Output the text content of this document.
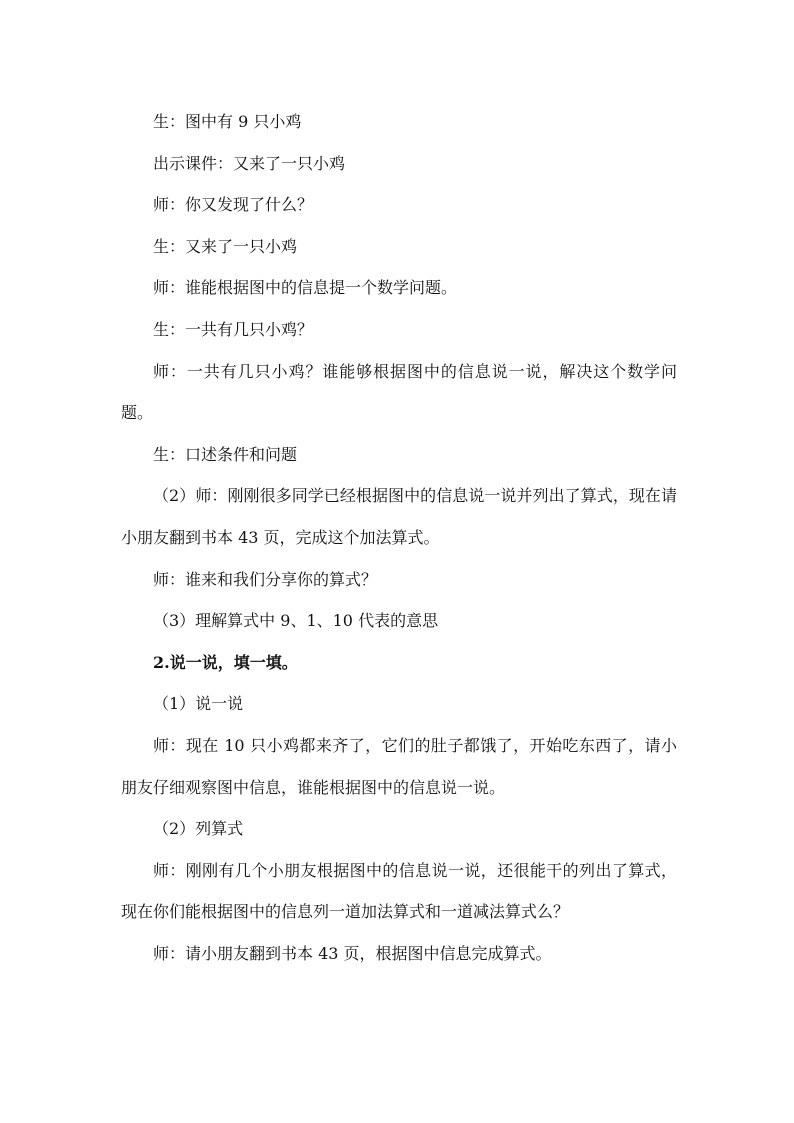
生：图中有 9 只小鸡

出示课件：又来了一只小鸡

师：你又发现了什么？

生：又来了一只小鸡

师：谁能根据图中的信息提一个数学问题。

生：一共有几只小鸡？

师：一共有几只小鸡？谁能够根据图中的信息说一说，解决这个数学问题。

生：口述条件和问题

（2）师：刚刚很多同学已经根据图中的信息说一说并列出了算式，现在请小朋友翻到书本 43 页，完成这个加法算式。

师：谁来和我们分享你的算式？

（3）理解算式中 9、1、10 代表的意思

2.说一说，填一填。

（1）说一说

师：现在 10 只小鸡都来齐了，它们的肚子都饿了，开始吃东西了，请小朋友仔细观察图中信息，谁能根据图中的信息说一说。

（2）列算式

师：刚刚有几个小朋友根据图中的信息说一说，还很能干的列出了算式，现在你们能根据图中的信息列一道加法算式和一道减法算式么？

师：请小朋友翻到书本 43 页，根据图中信息完成算式。
